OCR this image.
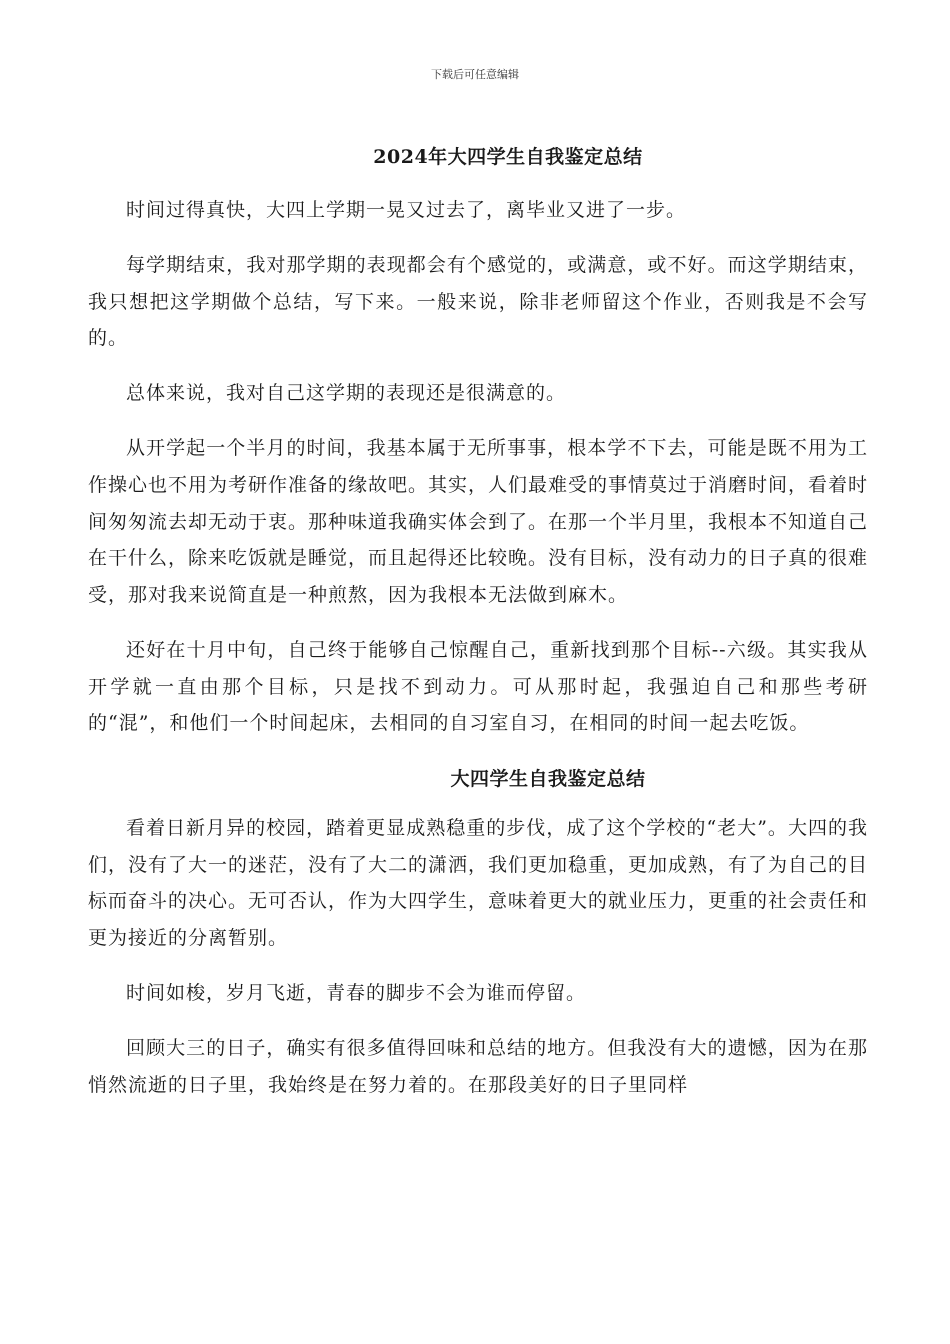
下载后可任意编辑
2024年大四学生自我鉴定总结

时间过得真快，大四上学期一晃又过去了，离毕业又进了一步。

每学期结束，我对那学期的表现都会有个感觉的，或满意，或不好。而这学期结束，我只想把这学期做个总结，写下来。一般来说，除非老师留这个作业，否则我是不会写的。

总体来说，我对自己这学期的表现还是很满意的。

从开学起一个半月的时间，我基本属于无所事事，根本学不下去，可能是既不用为工作操心也不用为考研作准备的缘故吧。其实，人们最难受的事情莫过于消磨时间，看着时间匆匆流去却无动于衷。那种味道我确实体会到了。在那一个半月里，我根本不知道自己在干什么，除来吃饭就是睡觉，而且起得还比较晚。没有目标，没有动力的日子真的很难受，那对我来说简直是一种煎熬，因为我根本无法做到麻木。

还好在十月中旬，自己终于能够自己惊醒自己，重新找到那个目标--六级。其实我从开学就一直由那个目标，只是找不到动力。可从那时起，我强迫自己和那些考研的“混”，和他们一个时间起床，去相同的自习室自习，在相同的时间一起去吃饭。

大四学生自我鉴定总结

看着日新月异的校园，踏着更显成熟稳重的步伐，成了这个学校的“老大”。大四的我们，没有了大一的迷茫，没有了大二的潇洒，我们更加稳重，更加成熟，有了为自己的目标而奋斗的决心。无可否认，作为大四学生，意味着更大的就业压力，更重的社会责任和更为接近的分离暂别。

时间如梭，岁月飞逝，青春的脚步不会为谁而停留。

回顾大三的日子，确实有很多值得回味和总结的地方。但我没有大的遗憾，因为在那悄然流逝的日子里，我始终是在努力着的。在那段美好的日子里同样
